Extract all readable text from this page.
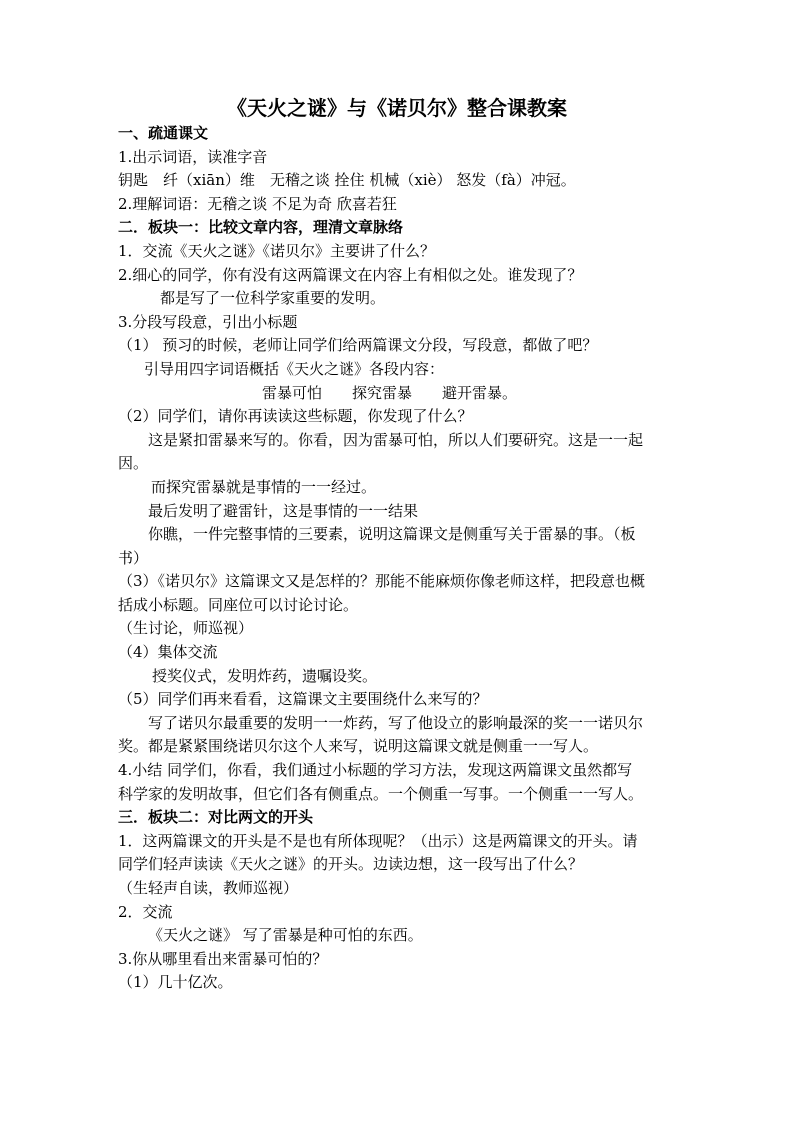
《天火之谜》与《诺贝尔》整合课教案
一、疏通课文
1.出示词语，读准字音
钥匙　纤（xiān）维　无稽之谈 拴住 机械（xiè） 怒发（fà）冲冠。
2.理解词语：无稽之谈 不足为奇 欣喜若狂
二．板块一：比较文章内容，理清文章脉络
1．交流《天火之谜》《诺贝尔》主要讲了什么？
2.细心的同学，你有没有这两篇课文在内容上有相似之处。谁发现了？
都是写了一位科学家重要的发明。
3.分段写段意，引出小标题
（1） 预习的时候，老师让同学们给两篇课文分段，写段意，都做了吧？
引导用四字词语概括《天火之谜》各段内容：
雷暴可怕　　探究雷暴　　避开雷暴。
（2）同学们，请你再读读这些标题，你发现了什么？
这是紧扣雷暴来写的。你看，因为雷暴可怕，所以人们要研究。这是一一起
因。
而探究雷暴就是事情的一一经过。
最后发明了避雷针，这是事情的一一结果
你瞧，一件完整事情的三要素，说明这篇课文是侧重写关于雷暴的事。（板
书）
（3）《诺贝尔》这篇课文又是怎样的？那能不能麻烦你像老师这样，把段意也概
括成小标题。同座位可以讨论讨论。
（生讨论，师巡视）
（4）集体交流
授奖仪式，发明炸药，遗嘱设奖。
（5）同学们再来看看，这篇课文主要围绕什么来写的？
写了诺贝尔最重要的发明一一炸药，写了他设立的影响最深的奖一一诺贝尔
奖。都是紧紧围绕诺贝尔这个人来写，说明这篇课文就是侧重一一写人。
4.小结 同学们，你看，我们通过小标题的学习方法，发现这两篇课文虽然都写
科学家的发明故事，但它们各有侧重点。一个侧重一写事。一个侧重一一写人。
三．板块二：对比两文的开头
1．这两篇课文的开头是不是也有所体现呢？（出示）这是两篇课文的开头。请
同学们轻声读读《天火之谜》的开头。边读边想，这一段写出了什么？
（生轻声自读，教师巡视）
2．交流
《天火之谜》 写了雷暴是种可怕的东西。
3.你从哪里看出来雷暴可怕的？
（1）几十亿次。
